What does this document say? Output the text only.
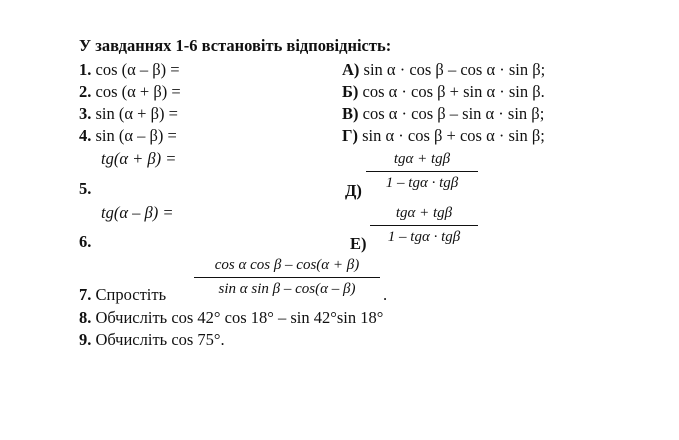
У завданнях 1-6 встановіть відповідність:
1. cos (α – β) =
2. cos (α + β) =
3. sin (α + β) =
4. sin (α – β) =
tg(α + β) =
5.
tg(α – β) =
6.
А) sin α · cos β – cos α · sin β;
Б) cos α · cos β + sin α · sin β.
В) cos α · cos β – sin α · sin β;
Г) sin α · cos β + cos α · sin β;
Д)
tgα + tgβ
1 – tgα · tgβ
Е)
tgα + tgβ
1 – tgα · tgβ
7. Спростіть
cos α cos β – cos(α + β)
sin α sin β – cos(α – β) .
8. Обчисліть cos 42° cos 18° – sin 42°sin 18°
9. Обчисліть cos 75°.
